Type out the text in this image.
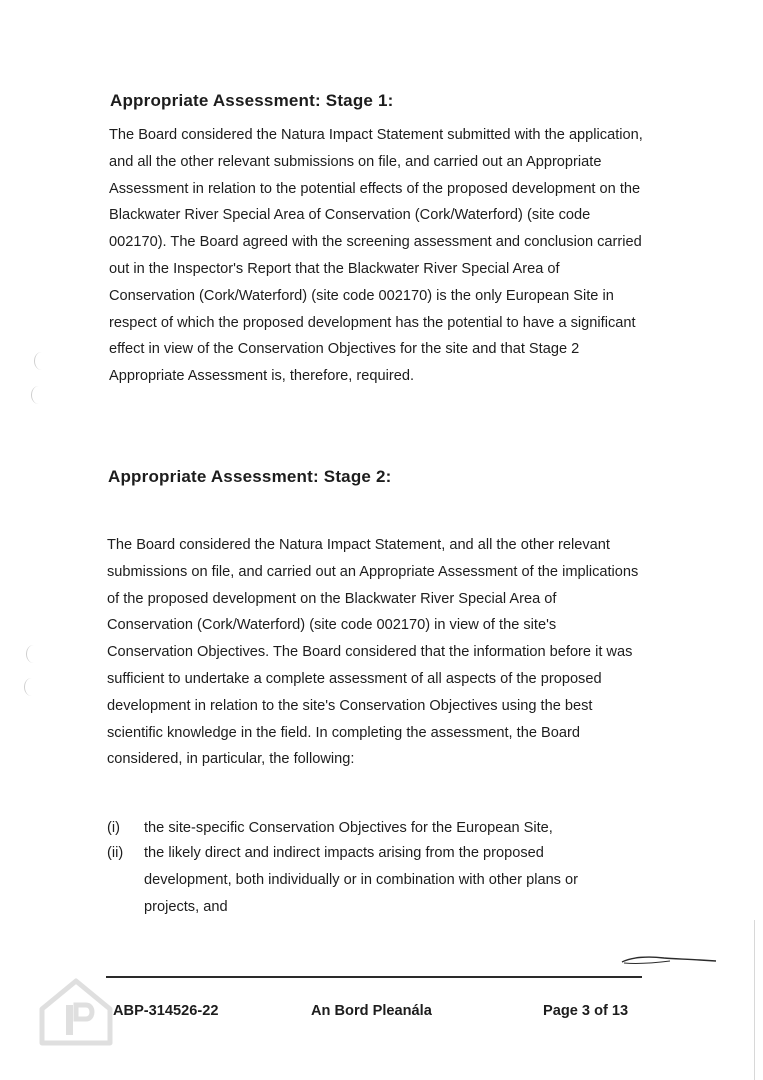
Appropriate Assessment: Stage 1:

The Board considered the Natura Impact Statement submitted with the application, and all the other relevant submissions on file, and carried out an Appropriate Assessment in relation to the potential effects of the proposed development on the Blackwater River Special Area of Conservation (Cork/Waterford) (site code 002170). The Board agreed with the screening assessment and conclusion carried out in the Inspector's Report that the Blackwater River Special Area of Conservation (Cork/Waterford) (site code 002170) is the only European Site in respect of which the proposed development has the potential to have a significant effect in view of the Conservation Objectives for the site and that Stage 2 Appropriate Assessment is, therefore, required.

Appropriate Assessment: Stage 2:

The Board considered the Natura Impact Statement, and all the other relevant submissions on file, and carried out an Appropriate Assessment of the implications of the proposed development on the Blackwater River Special Area of Conservation (Cork/Waterford) (site code 002170) in view of the site's Conservation Objectives. The Board considered that the information before it was sufficient to undertake a complete assessment of all aspects of the proposed development in relation to the site's Conservation Objectives using the best scientific knowledge in the field. In completing the assessment, the Board considered, in particular, the following:

(i) the site-specific Conservation Objectives for the European Site,
(ii) the likely direct and indirect impacts arising from the proposed development, both individually or in combination with other plans or projects, and
ABP-314526-22	An Bord Pleanála	Page 3 of 13
